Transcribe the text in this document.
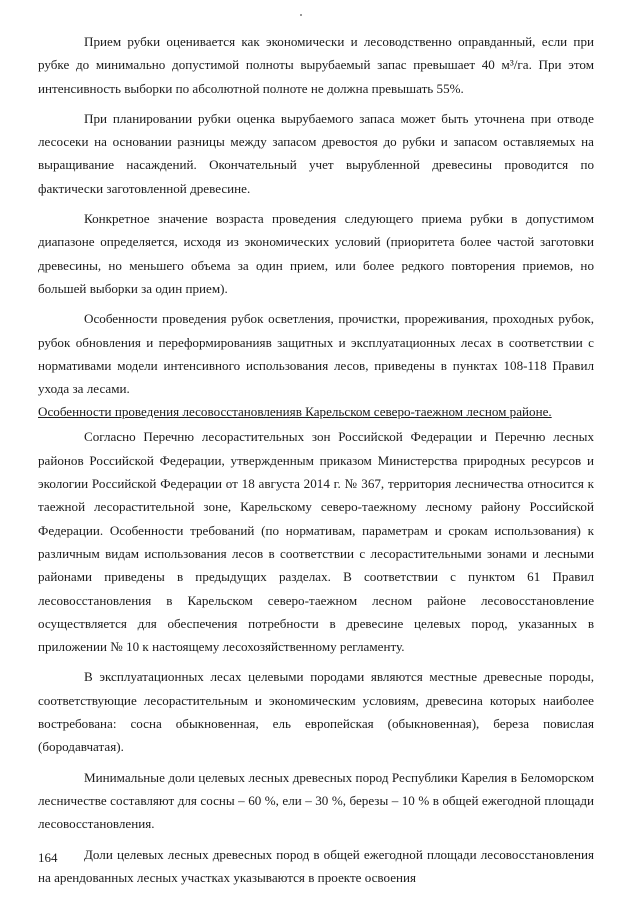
Прием рубки оценивается как экономически и лесоводственно оправданный, если при рубке до минимально допустимой полноты вырубаемый запас превышает 40 м³/га. При этом интенсивность выборки по абсолютной полноте не должна превышать 55%.

При планировании рубки оценка вырубаемого запаса может быть уточнена при отводе лесосеки на основании разницы между запасом древостоя до рубки и запасом оставляемых на выращивание насаждений. Окончательный учет вырубленной древесины проводится по фактически заготовленной древесине.

Конкретное значение возраста проведения следующего приема рубки в допустимом диапазоне определяется, исходя из экономических условий (приоритета более частой заготовки древесины, но меньшего объема за один прием, или более редкого повторения приемов, но большей выборки за один прием).

Особенности проведения рубок осветления, прочистки, прореживания, проходных рубок, рубок обновления и переформированияв защитных и эксплуатационных лесах в соответствии с нормативами модели интенсивного использования лесов, приведены в пунктах 108-118 Правил ухода за лесами.

Особенности проведения лесовосстановленияв Карельском северо-таежном лесном районе.

Согласно Перечню лесорастительных зон Российской Федерации и Перечню лесных районов Российской Федерации, утвержденным приказом Министерства природных ресурсов и экологии Российской Федерации от 18 августа 2014 г. № 367, территория лесничества относится к таежной лесорастительной зоне, Карельскому северо-таежному лесному району Российской Федерации. Особенности требований (по нормативам, параметрам и срокам использования) к различным видам использования лесов в соответствии с лесорастительными зонами и лесными районами приведены в предыдущих разделах. В соответствии с пунктом 61 Правил лесовосстановления в Карельском северо-таежном лесном районе лесовосстановление осуществляется для обеспечения потребности в древесине целевых пород, указанных в приложении № 10 к настоящему лесохозяйственному регламенту.

В эксплуатационных лесах целевыми породами являются местные древесные породы, соответствующие лесорастительным и экономическим условиям, древесина которых наиболее востребована: сосна обыкновенная, ель европейская (обыкновенная), береза повислая (бородавчатая).

Минимальные доли целевых лесных древесных пород Республики Карелия в Беломорском лесничестве составляют для сосны – 60 %, ели – 30 %, березы – 10 % в общей ежегодной площади лесовосстановления.

Доли целевых лесных древесных пород в общей ежегодной площади лесовосстановления на арендованных лесных участках указываются в проекте освоения

164
